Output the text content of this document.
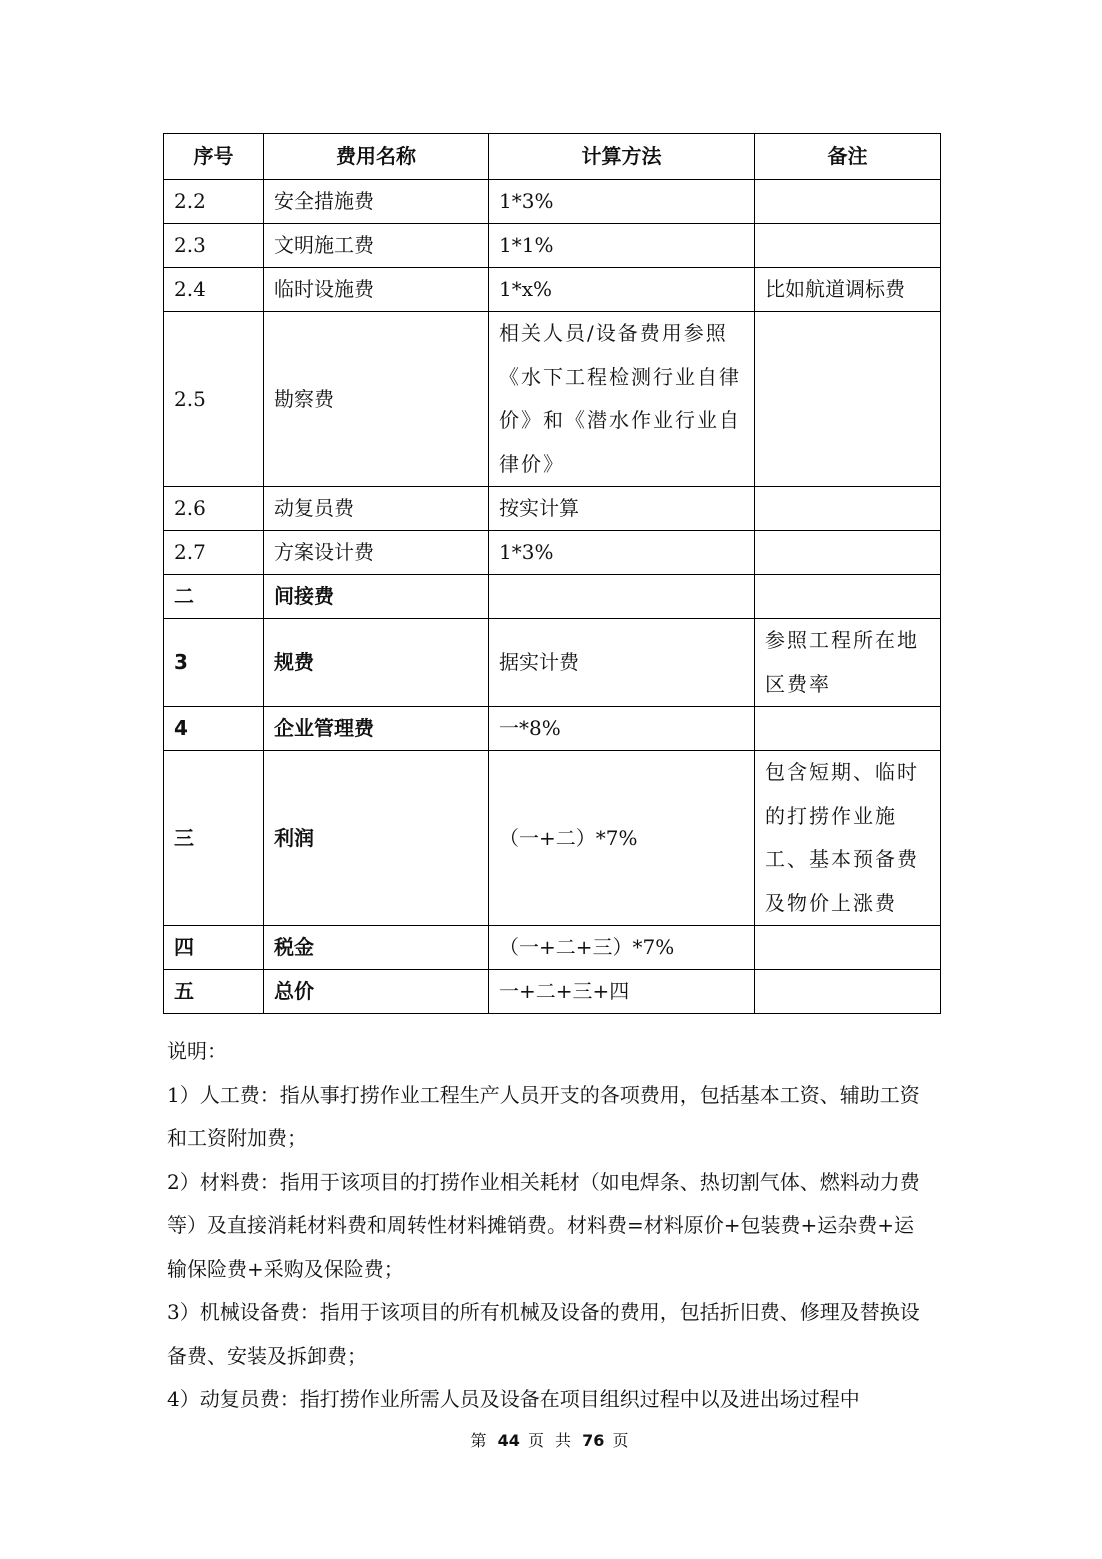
序号	费用名称	计算方法	备注
2.2	安全措施费	1*3%	
2.3	文明施工费	1*1%	
2.4	临时设施费	1*x%	比如航道调标费
2.5	勘察费	相关人员/设备费用参照《水下工程检测行业自律价》和《潜水作业行业自律价》	
2.6	动复员费	按实计算	
2.7	方案设计费	1*3%	
二	间接费		
3	规费	据实计费	参照工程所在地区费率
4	企业管理费	一*8%	
三	利润	（一+二）*7%	包含短期、临时的打捞作业施工、基本预备费及物价上涨费
四	税金	（一+二+三）*7%	
五	总价	一+二+三+四	

说明：

1）人工费：指从事打捞作业工程生产人员开支的各项费用，包括基本工资、辅助工资和工资附加费；

2）材料费：指用于该项目的打捞作业相关耗材（如电焊条、热切割气体、燃料动力费等）及直接消耗材料费和周转性材料摊销费。材料费=材料原价+包装费+运杂费+运输保险费+采购及保险费；

3）机械设备费：指用于该项目的所有机械及设备的费用，包括折旧费、修理及替换设备费、安装及拆卸费；

4）动复员费：指打捞作业所需人员及设备在项目组织过程中以及进出场过程中

第 44 页 共 76 页
